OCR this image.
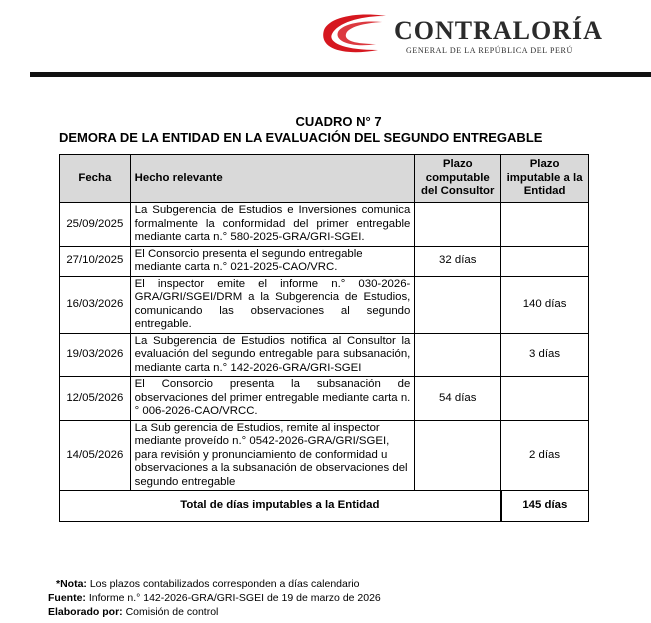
CONTRALORÍA
GENERAL DE LA REPÚBLICA DEL PERÚ
CUADRO N° 7
DEMORA DE LA ENTIDAD EN LA EVALUACIÓN DEL SEGUNDO ENTREGABLE
Fecha	Hecho relevante	Plazo computable del Consultor	Plazo imputable a la Entidad
25/09/2025	La Subgerencia de Estudios e Inversiones comunica formalmente la conformidad del primer entregable mediante carta n.° 580-2025-GRA/GRI-SGEI.		
27/10/2025	El Consorcio presenta el segundo entregable mediante carta n.° 021-2025-CAO/VRC.	32 días	
16/03/2026	El inspector emite el informe n.° 030-2026-GRA/GRI/SGEI/DRM a la Subgerencia de Estudios, comunicando las observaciones al segundo entregable.		140 días
19/03/2026	La Subgerencia de Estudios notifica al Consultor la evaluación del segundo entregable para subsanación, mediante carta n.° 142-2026-GRA/GRI-SGEI		3 días
12/05/2026	El Consorcio presenta la subsanación de observaciones del primer entregable mediante carta n.° 006-2026-CAO/VRCC.	54 días	
14/05/2026	La Sub gerencia de Estudios, remite al inspector mediante proveído n.° 0542-2026-GRA/GRI/SGEI, para revisión y pronunciamiento de conformidad u observaciones a la subsanación de observaciones del segundo entregable		2 días
Total de días imputables a la Entidad			145 días
*Nota: Los plazos contabilizados corresponden a días calendario
Fuente: Informe n.° 142-2026-GRA/GRI-SGEI de 19 de marzo de 2026
Elaborado por: Comisión de control
